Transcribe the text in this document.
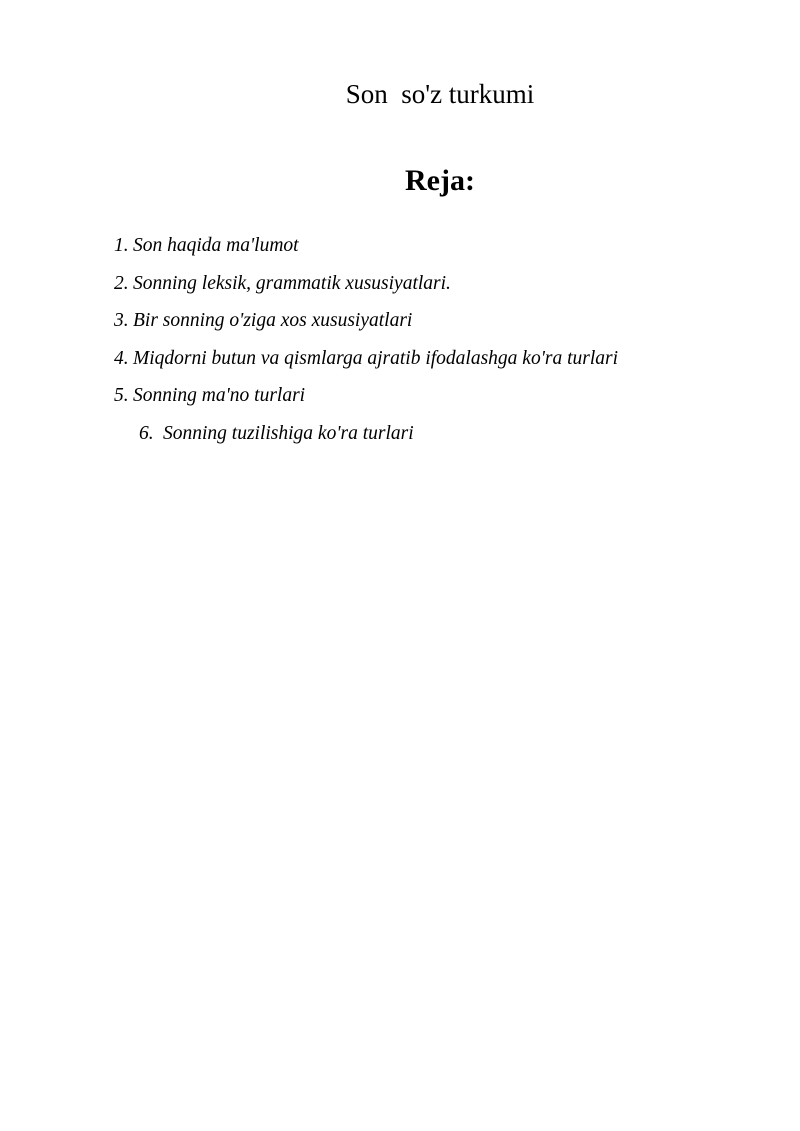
Son  so'z turkumi
Reja:
1. Son haqida ma'lumot
2. Sonning leksik, grammatik xususiyatlari.
3. Bir sonning o'ziga xos xususiyatlari
4. Miqdorni butun va qismlarga ajratib ifodalashga ko'ra turlari
5. Sonning ma'no turlari
6. Sonning tuzilishiga ko'ra turlari
